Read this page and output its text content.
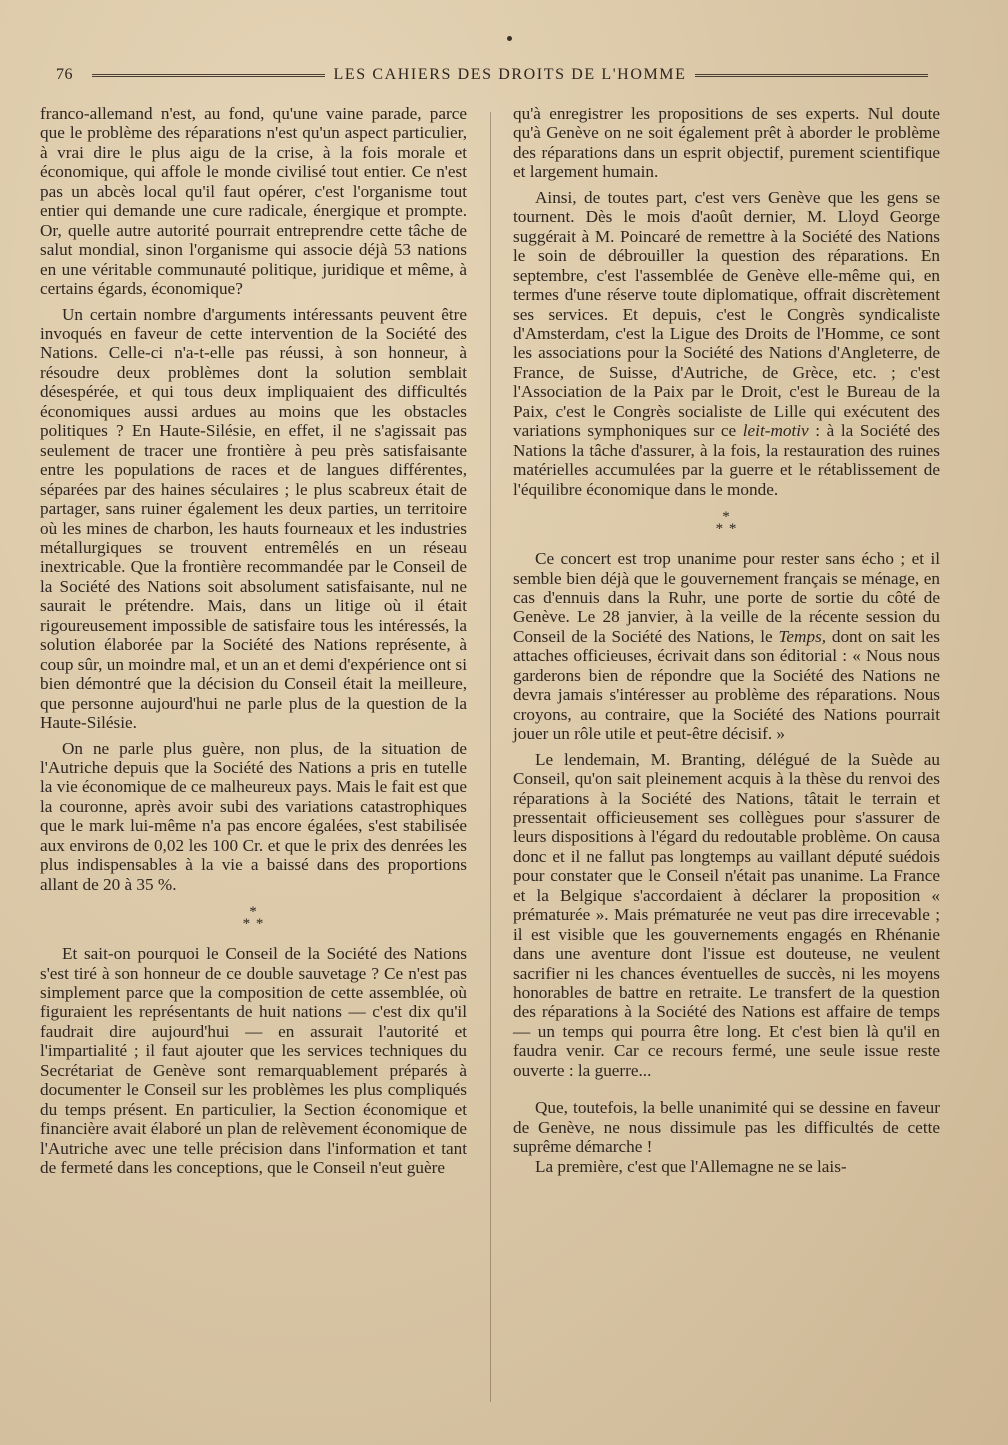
76	LES CAHIERS DES DROITS DE L'HOMME

franco-allemand n'est, au fond, qu'une vaine parade, parce que le problème des réparations n'est qu'un aspect particulier, à vrai dire le plus aigu de la crise, à la fois morale et économique, qui affole le monde civilisé tout entier. Ce n'est pas un abcès local qu'il faut opérer, c'est l'organisme tout entier qui demande une cure radicale, énergique et prompte. Or, quelle autre autorité pourrait entreprendre cette tâche de salut mondial, sinon l'organisme qui associe déjà 53 nations en une véritable communauté politique, juridique et même, à certains égards, économique?

Un certain nombre d'arguments intéressants peuvent être invoqués en faveur de cette intervention de la Société des Nations. Celle-ci n'a-t-elle pas réussi, à son honneur, à résoudre deux problèmes dont la solution semblait désespérée, et qui tous deux impliquaient des difficultés économiques aussi ardues au moins que les obstacles politiques ? En Haute-Silésie, en effet, il ne s'agissait pas seulement de tracer une frontière à peu près satisfaisante entre les populations de races et de langues différentes, séparées par des haines séculaires ; le plus scabreux était de partager, sans ruiner également les deux parties, un territoire où les mines de charbon, les hauts fourneaux et les industries métallurgiques se trouvent entremêlés en un réseau inextricable. Que la frontière recommandée par le Conseil de la Société des Nations soit absolument satisfaisante, nul ne saurait le prétendre. Mais, dans un litige où il était rigoureusement impossible de satisfaire tous les intéressés, la solution élaborée par la Société des Nations représente, à coup sûr, un moindre mal, et un an et demi d'expérience ont si bien démontré que la décision du Conseil était la meilleure, que personne aujourd'hui ne parle plus de la question de la Haute-Silésie.

On ne parle plus guère, non plus, de la situation de l'Autriche depuis que la Société des Nations a pris en tutelle la vie économique de ce malheureux pays. Mais le fait est que la couronne, après avoir subi des variations catastrophiques que le mark lui-même n'a pas encore égalées, s'est stabilisée aux environs de 0,02 les 100 Cr. et que le prix des denrées les plus indispensables à la vie a baissé dans des proportions allant de 20 à 35 %.

*
* *

Et sait-on pourquoi le Conseil de la Société des Nations s'est tiré à son honneur de ce double sauvetage ? Ce n'est pas simplement parce que la composition de cette assemblée, où figuraient les représentants de huit nations — c'est dix qu'il faudrait dire aujourd'hui — en assurait l'autorité et l'impartialité ; il faut ajouter que les services techniques du Secrétariat de Genève sont remarquablement préparés à documenter le Conseil sur les problèmes les plus compliqués du temps présent. En particulier, la Section économique et financière avait élaboré un plan de relèvement économique de l'Autriche avec une telle précision dans l'information et tant de fermeté dans les conceptions, que le Conseil n'eut guère

qu'à enregistrer les propositions de ses experts. Nul doute qu'à Genève on ne soit également prêt à aborder le problème des réparations dans un esprit objectif, purement scientifique et largement humain.

Ainsi, de toutes part, c'est vers Genève que les gens se tournent. Dès le mois d'août dernier, M. Lloyd George suggérait à M. Poincaré de remettre à la Société des Nations le soin de débrouiller la question des réparations. En septembre, c'est l'assemblée de Genève elle-même qui, en termes d'une réserve toute diplomatique, offrait discrètement ses services. Et depuis, c'est le Congrès syndicaliste d'Amsterdam, c'est la Ligue des Droits de l'Homme, ce sont les associations pour la Société des Nations d'Angleterre, de France, de Suisse, d'Autriche, de Grèce, etc. ; c'est l'Association de la Paix par le Droit, c'est le Bureau de la Paix, c'est le Congrès socialiste de Lille qui exécutent des variations symphoniques sur ce leit-motiv : à la Société des Nations la tâche d'assurer, à la fois, la restauration des ruines matérielles accumulées par la guerre et le rétablissement de l'équilibre économique dans le monde.

*
* *

Ce concert est trop unanime pour rester sans écho ; et il semble bien déjà que le gouvernement français se ménage, en cas d'ennuis dans la Ruhr, une porte de sortie du côté de Genève. Le 28 janvier, à la veille de la récente session du Conseil de la Société des Nations, le Temps, dont on sait les attaches officieuses, écrivait dans son éditorial : « Nous nous garderons bien de répondre que la Société des Nations ne devra jamais s'intéresser au problème des réparations. Nous croyons, au contraire, que la Société des Nations pourrait jouer un rôle utile et peut-être décisif. »

Le lendemain, M. Branting, délégué de la Suède au Conseil, qu'on sait pleinement acquis à la thèse du renvoi des réparations à la Société des Nations, tâtait le terrain et pressentait officieusement ses collègues pour s'assurer de leurs dispositions à l'égard du redoutable problème. On causa donc et il ne fallut pas longtemps au vaillant député suédois pour constater que le Conseil n'était pas unanime. La France et la Belgique s'accordaient à déclarer la proposition « prématurée ». Mais prématurée ne veut pas dire irrecevable ; il est visible que les gouvernements engagés en Rhénanie dans une aventure dont l'issue est douteuse, ne veulent sacrifier ni les chances éventuelles de succès, ni les moyens honorables de battre en retraite. Le transfert de la question des réparations à la Société des Nations est affaire de temps — un temps qui pourra être long. Et c'est bien là qu'il en faudra venir. Car ce recours fermé, une seule issue reste ouverte : la guerre...

Que, toutefois, la belle unanimité qui se dessine en faveur de Genève, ne nous dissimule pas les difficultés de cette suprême démarche !

La première, c'est que l'Allemagne ne se lais-
